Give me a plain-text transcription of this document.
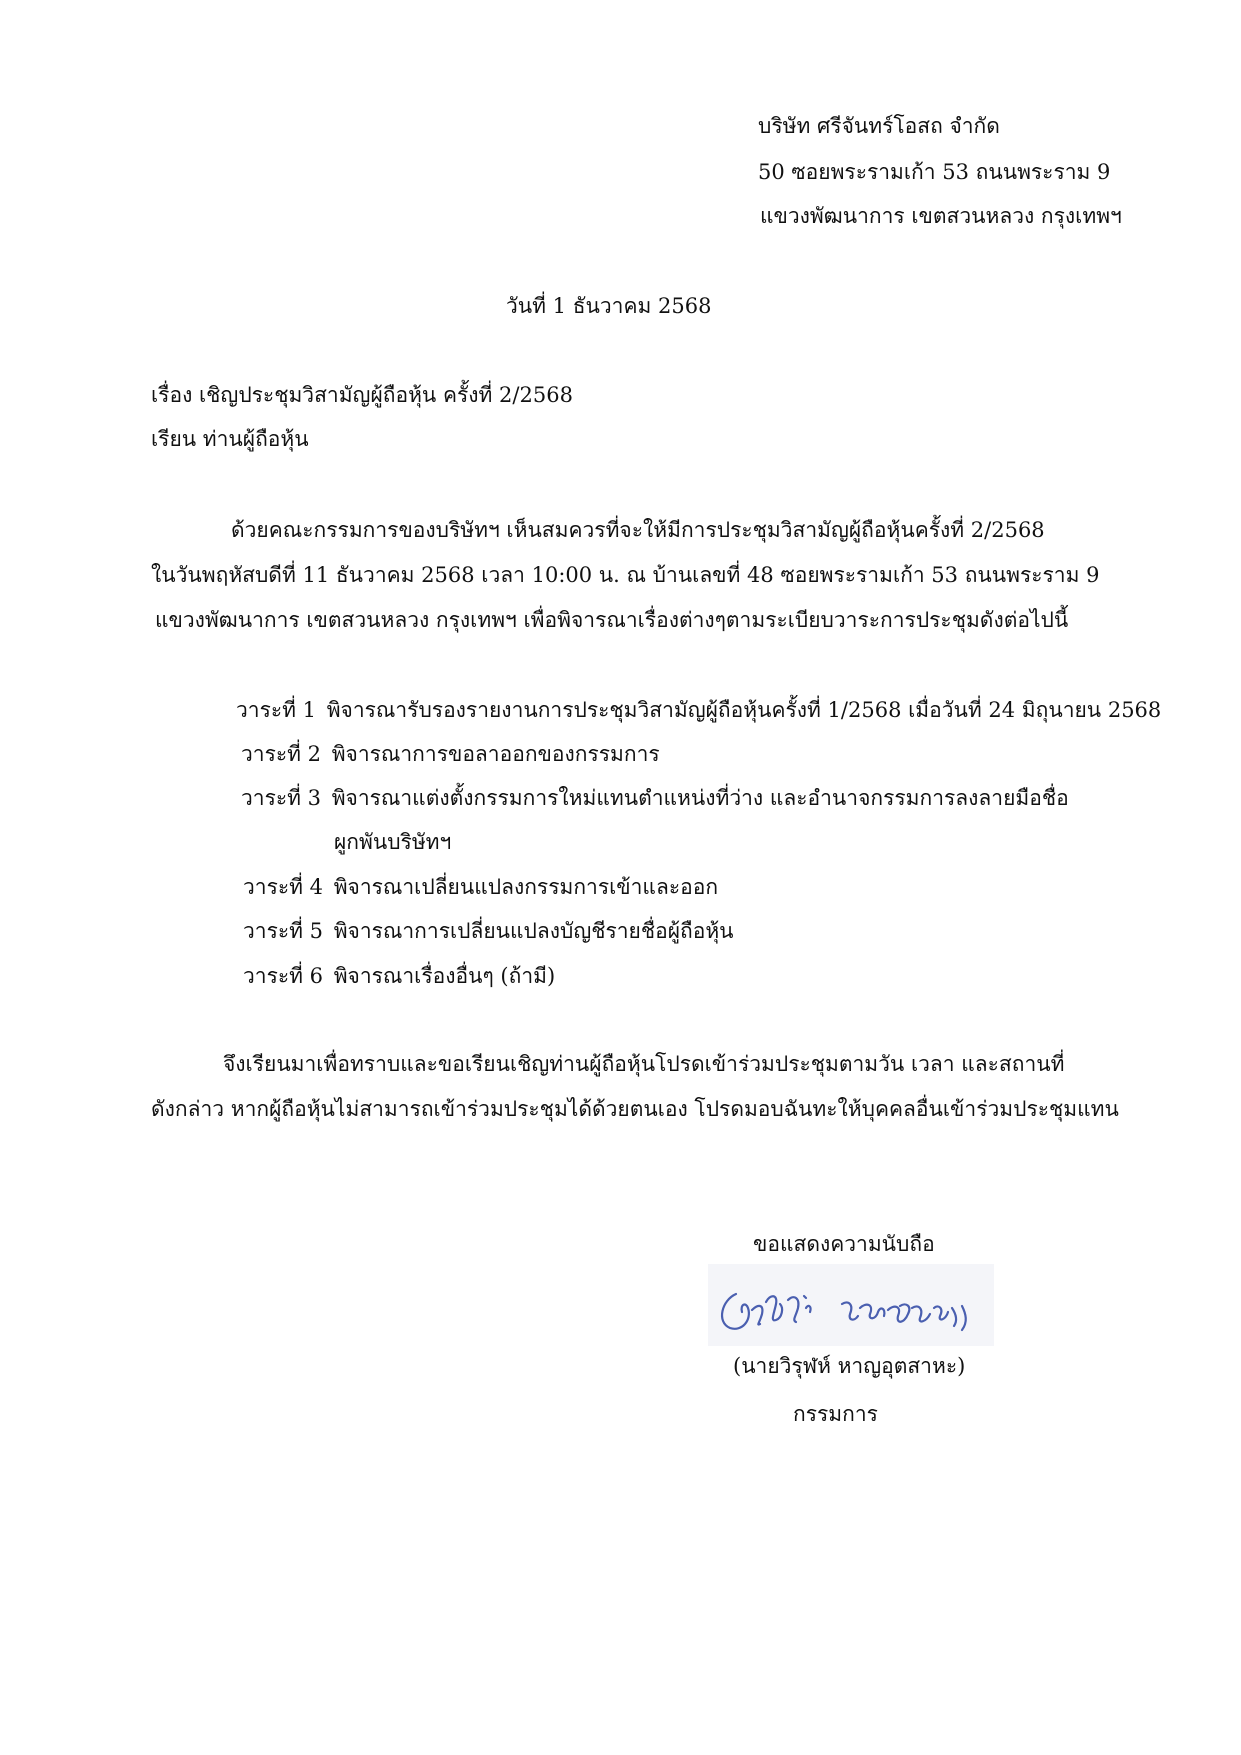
บริษัท ศรีจันทร์โอสถ จำกัด
50 ซอยพระรามเก้า 53 ถนนพระราม 9
แขวงพัฒนาการ เขตสวนหลวง กรุงเทพฯ
วันที่ 1 ธันวาคม 2568
เรื่อง เชิญประชุมวิสามัญผู้ถือหุ้น ครั้งที่ 2/2568
เรียน ท่านผู้ถือหุ้น
ด้วยคณะกรรมการของบริษัทฯ เห็นสมควรที่จะให้มีการประชุมวิสามัญผู้ถือหุ้นครั้งที่ 2/2568
ในวันพฤหัสบดีที่ 11 ธันวาคม 2568 เวลา 10:00 น. ณ บ้านเลขที่ 48 ซอยพระรามเก้า 53 ถนนพระราม 9
แขวงพัฒนาการ เขตสวนหลวง กรุงเทพฯ เพื่อพิจารณาเรื่องต่างๆตามระเบียบวาระการประชุมดังต่อไปนี้
วาระที่ 1 พิจารณารับรองรายงานการประชุมวิสามัญผู้ถือหุ้นครั้งที่ 1/2568 เมื่อวันที่ 24 มิถุนายน 2568
วาระที่ 2 พิจารณาการขอลาออกของกรรมการ
วาระที่ 3 พิจารณาแต่งตั้งกรรมการใหม่แทนตำแหน่งที่ว่าง และอำนาจกรรมการลงลายมือชื่อ
ผูกพันบริษัทฯ
วาระที่ 4 พิจารณาเปลี่ยนแปลงกรรมการเข้าและออก
วาระที่ 5 พิจารณาการเปลี่ยนแปลงบัญชีรายชื่อผู้ถือหุ้น
วาระที่ 6 พิจารณาเรื่องอื่นๆ (ถ้ามี)
จึงเรียนมาเพื่อทราบและขอเรียนเชิญท่านผู้ถือหุ้นโปรดเข้าร่วมประชุมตามวัน เวลา และสถานที่
ดังกล่าว หากผู้ถือหุ้นไม่สามารถเข้าร่วมประชุมได้ด้วยตนเอง โปรดมอบฉันทะให้บุคคลอื่นเข้าร่วมประชุมแทน
ขอแสดงความนับถือ
(นายวิรุฬห์ หาญอุตสาหะ)
กรรมการ
